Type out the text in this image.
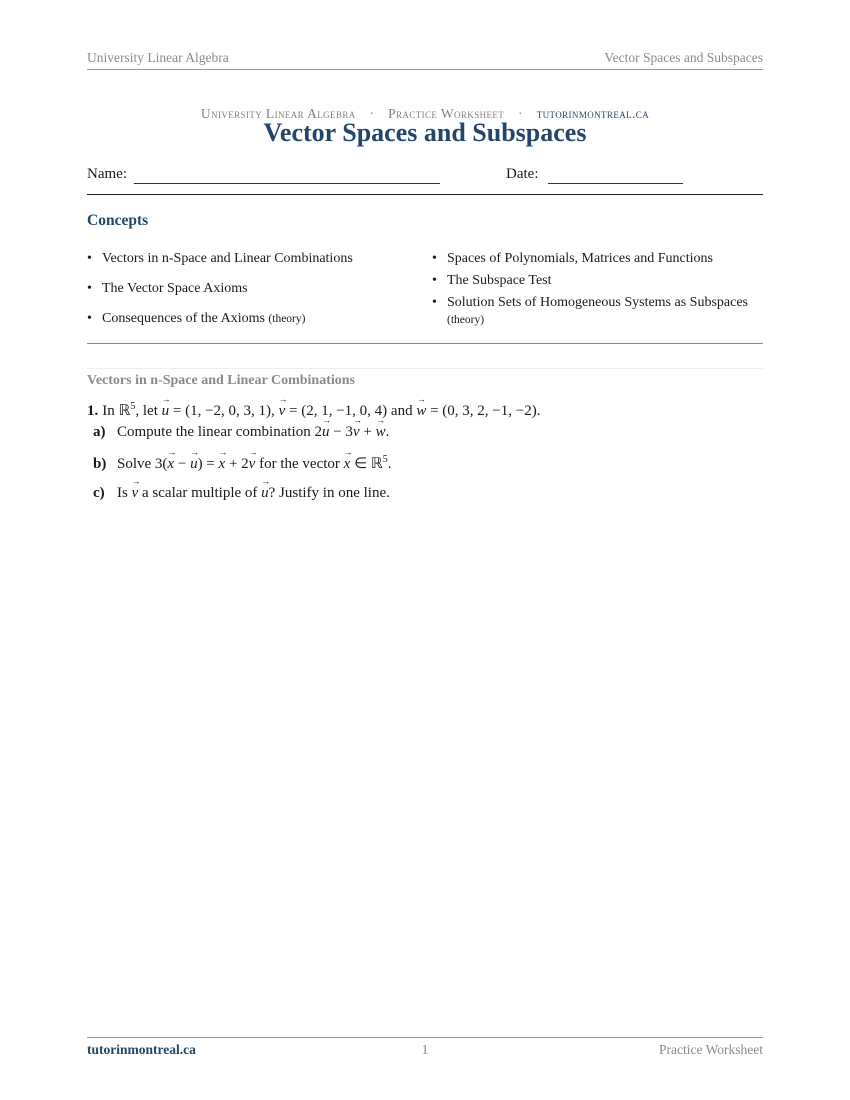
University Linear Algebra	Vector Spaces and Subspaces
University Linear Algebra · Practice Worksheet · tutorinmontreal.ca
Vector Spaces and Subspaces
Name:	Date:
Concepts
• Vectors in n-Space and Linear Combinations
• The Vector Space Axioms
• Consequences of the Axioms (theory)
• Spaces of Polynomials, Matrices and Functions
• The Subspace Test
• Solution Sets of Homogeneous Systems as Subspaces (theory)
Vectors in n-Space and Linear Combinations
1. In ℝ$^5$, let u → = (1, −2, 0, 3, 1), v → = (2, 1, −1, 0, 4) and w → = (0, 3, 2, −1, −2).
a) Compute the linear combination 2u → − 3v → + w →.
b) Solve 3(x → − u →) = x → + 2v → for the vector x → ∈ ℝ$^5$.
c) Is v → a scalar multiple of u →? Justify in one line.
tutorinmontreal.ca	1	Practice Worksheet
